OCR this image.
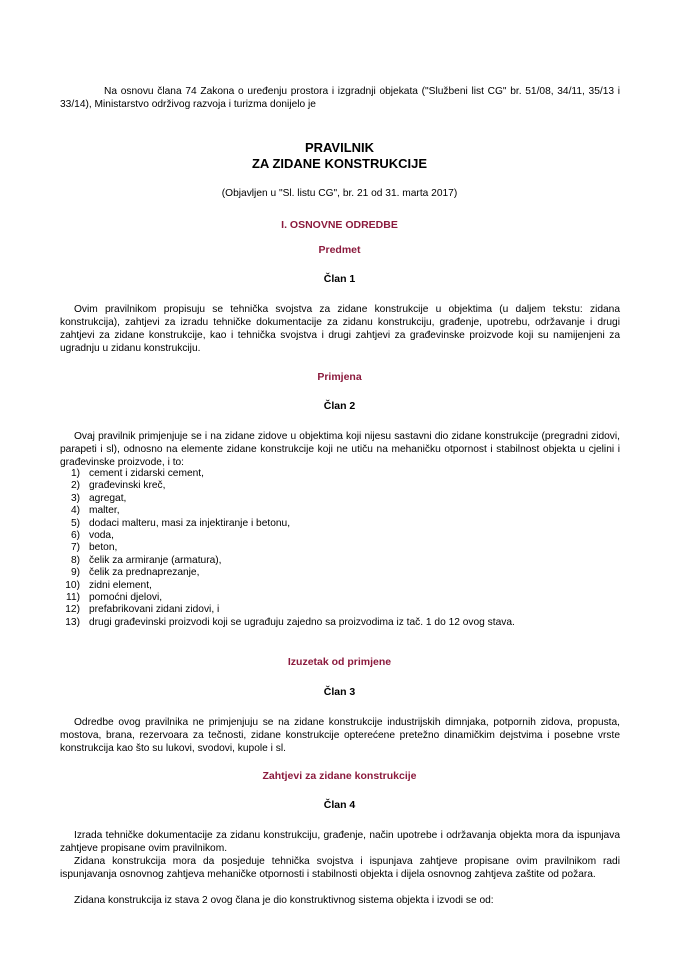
Na osnovu člana 74 Zakona o uređenju prostora i izgradnji objekata ("Službeni list CG" br. 51/08, 34/11, 35/13 i 33/14), Ministarstvo održivog razvoja i turizma donijelo je
PRAVILNIK
ZA ZIDANE KONSTRUKCIJE
(Objavljen u "Sl. listu CG", br. 21 od 31. marta 2017)
I. OSNOVNE ODREDBE
Predmet
Član 1
Ovim pravilnikom propisuju se tehnička svojstva za zidane konstrukcije u objektima (u daljem tekstu: zidana konstrukcija), zahtjevi za izradu tehničke dokumentacije za zidanu konstrukciju, građenje, upotrebu, održavanje i drugi zahtjevi za zidane konstrukcije, kao i tehnička svojstva i drugi zahtjevi za građevinske proizvode koji su namijenjeni za ugradnju u zidanu konstrukciju.
Primjena
Član 2
Ovaj pravilnik primjenjuje se i na zidane zidove u objektima koji nijesu sastavni dio zidane konstrukcije (pregradni zidovi, parapeti i sl), odnosno na elemente zidane konstrukcije koji ne utiču na mehaničku otpornost i stabilnost objekta u cjelini i građevinske proizvode, i to:
1) cement i zidarski cement,
2) građevinski kreč,
3) agregat,
4) malter,
5) dodaci malteru, masi za injektiranje i betonu,
6) voda,
7) beton,
8) čelik za armiranje (armatura),
9) čelik za prednaprezanje,
10) zidni element,
11) pomoćni djelovi,
12) prefabrikovani zidani zidovi, i
13) drugi građevinski proizvodi koji se ugrađuju zajedno sa proizvodima iz tač. 1 do 12 ovog stava.
Izuzetak od primjene
Član 3
Odredbe ovog pravilnika ne primjenjuju se na zidane konstrukcije industrijskih dimnjaka, potpornih zidova, propusta, mostova, brana, rezervoara za tečnosti, zidane konstrukcije opterećene pretežno dinamičkim dejstvima i posebne vrste konstrukcija kao što su lukovi, svodovi, kupole i sl.
Zahtjevi za zidane konstrukcije
Član 4
Izrada tehničke dokumentacije za zidanu konstrukciju, građenje, način upotrebe i održavanja objekta mora da ispunjava zahtjeve propisane ovim pravilnikom.
Zidana konstrukcija mora da posjeduje tehnička svojstva i ispunjava zahtjeve propisane ovim pravilnikom radi ispunjavanja osnovnog zahtjeva mehaničke otpornosti i stabilnosti objekta i dijela osnovnog zahtjeva zaštite od požara.
Zidana konstrukcija iz stava 2 ovog člana je dio konstruktivnog sistema objekta i izvodi se od:
